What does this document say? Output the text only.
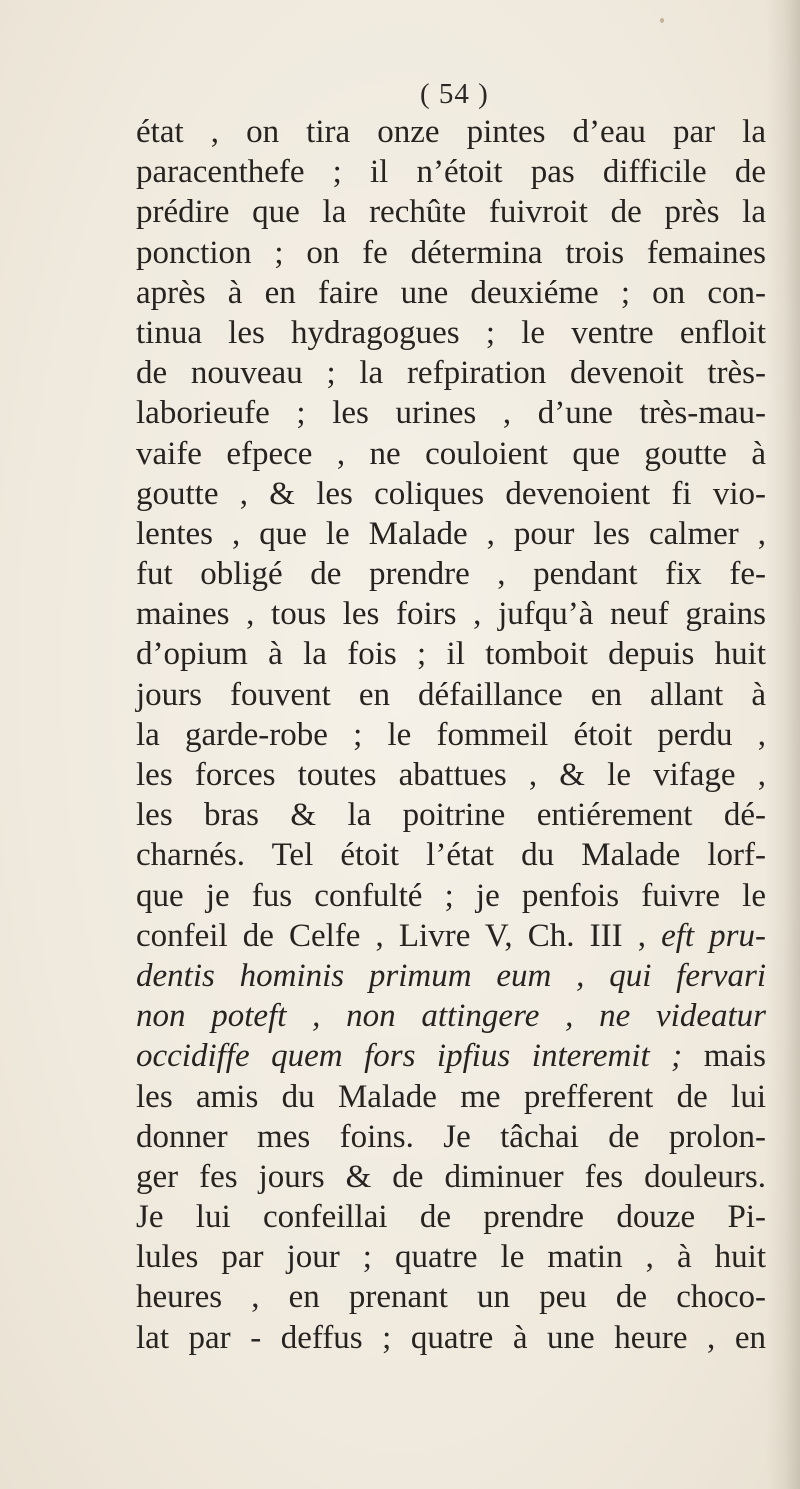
( 54 )
état , on tira onze pintes d’eau par la
paracenthefe ; il n’étoit pas difficile de
prédire que la rechûte fuivroit de près la
ponction ; on fe détermina trois femaines
après à en faire une deuxiéme ; on con-
tinua les hydragogues ; le ventre enfloit
de nouveau ; la refpiration devenoit très-
laborieufe ; les urines , d’une très-mau-
vaife efpece , ne couloient que goutte à
goutte , & les coliques devenoient fi vio-
lentes , que le Malade , pour les calmer ,
fut obligé de prendre , pendant fix fe-
maines , tous les foirs , jufqu’à neuf grains
d’opium à la fois ; il tomboit depuis huit
jours fouvent en défaillance en allant à
la garde-robe ; le fommeil étoit perdu ,
les forces toutes abattues , & le vifage ,
les bras & la poitrine entiérement dé-
charnés. Tel étoit l’état du Malade lorf-
que je fus confulté ; je penfois fuivre le
confeil de Celfe , Livre V, Ch. III , eft pru-
dentis hominis primum eum , qui fervari
non poteft , non attingere , ne videatur
occidiffe quem fors ipfius interemit ; mais
les amis du Malade me prefferent de lui
donner mes foins. Je tâchai de prolon-
ger fes jours & de diminuer fes douleurs.
Je lui confeillai de prendre douze Pi-
lules par jour ; quatre le matin , à huit
heures , en prenant un peu de choco-
lat par - deffus ; quatre à une heure , en
